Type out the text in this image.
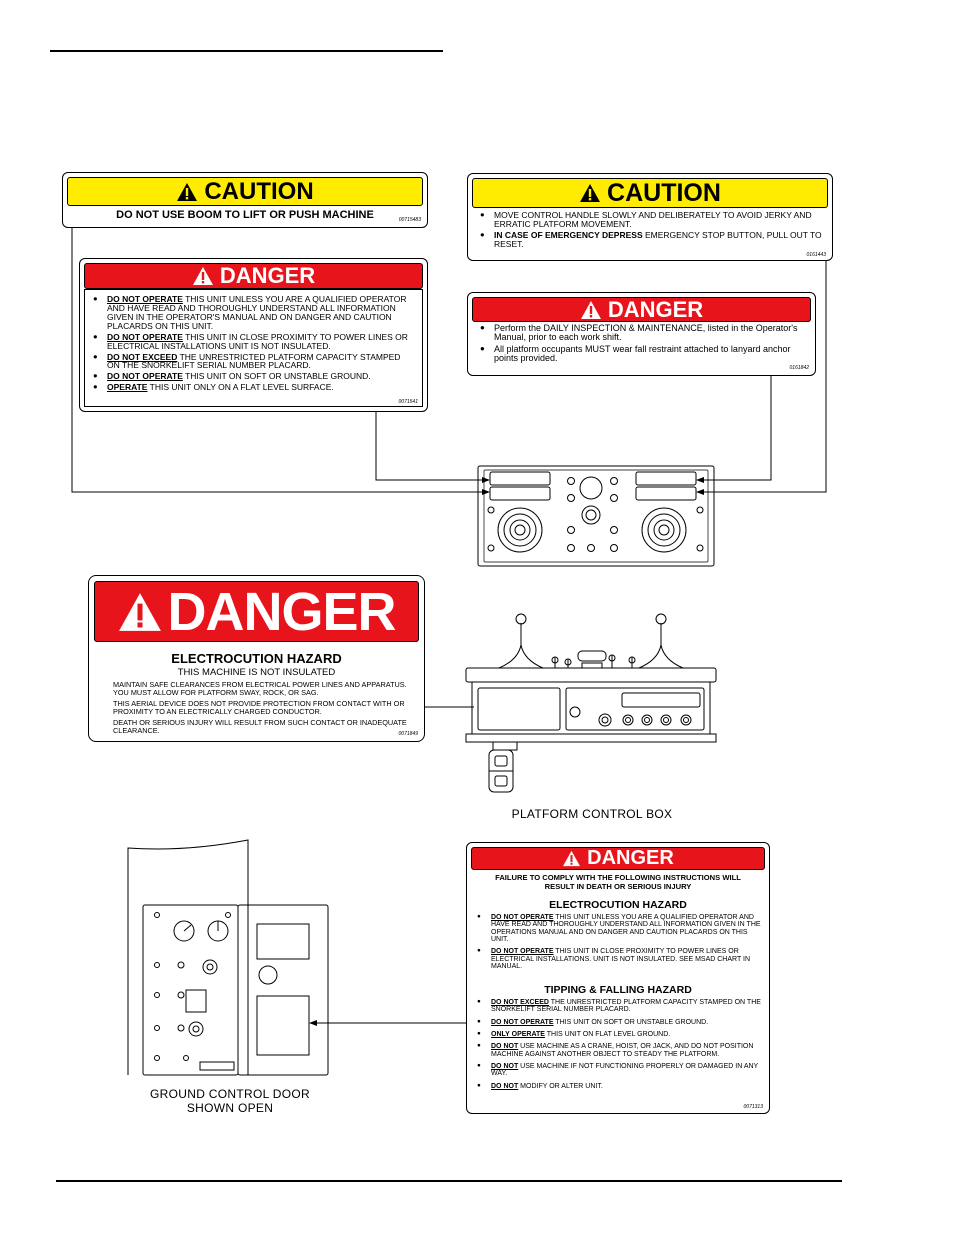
CAUTION
DO NOT USE BOOM TO LIFT OR PUSH MACHINE	00715483
CAUTION
● MOVE CONTROL HANDLE SLOWLY AND DELIBERATELY TO AVOID JERKY AND ERRATIC PLATFORM MOVEMENT.
● IN CASE OF EMERGENCY DEPRESS EMERGENCY STOP BUTTON, PULL OUT TO RESET.
0161443
DANGER
● DO NOT OPERATE THIS UNIT UNLESS YOU ARE A QUALIFIED OPERATOR AND HAVE READ AND THOROUGHLY UNDERSTAND ALL INFORMATION GIVEN IN THE OPERATOR'S MANUAL AND ON DANGER AND CAUTION PLACARDS ON THIS UNIT.
● DO NOT OPERATE THIS UNIT IN CLOSE PROXIMITY TO POWER LINES OR ELECTRICAL INSTALLATIONS UNIT IS NOT INSULATED.
● DO NOT EXCEED THE UNRESTRICTED PLATFORM CAPACITY STAMPED ON THE SNORKELIFT SERIAL NUMBER PLACARD.
● DO NOT OPERATE THIS UNIT ON SOFT OR UNSTABLE GROUND.
● OPERATE THIS UNIT ONLY ON A FLAT LEVEL SURFACE.
0071541
DANGER
● Perform the DAILY INSPECTION & MAINTENANCE, listed in the Operator's Manual, prior to each work shift.
● All platform occupants MUST wear fall restraint attached to lanyard anchor points provided.
0161842
DANGER
ELECTROCUTION HAZARD
THIS MACHINE IS NOT INSULATED
MAINTAIN SAFE CLEARANCES FROM ELECTRICAL POWER LINES AND APPARATUS. YOU MUST ALLOW FOR PLATFORM SWAY, ROCK, OR SAG.
THIS AERIAL DEVICE DOES NOT PROVIDE PROTECTION FROM CONTACT WITH OR PROXIMITY TO AN ELECTRICALLY CHARGED CONDUCTOR.
DEATH OR SERIOUS INJURY WILL RESULT FROM SUCH CONTACT OR INADEQUATE CLEARANCE.	0071849
PLATFORM CONTROL BOX
GROUND CONTROL DOOR
SHOWN OPEN
DANGER
FAILURE TO COMPLY WITH THE FOLLOWING INSTRUCTIONS WILL RESULT IN DEATH OR SERIOUS INJURY
ELECTROCUTION HAZARD
● DO NOT OPERATE THIS UNIT UNLESS YOU ARE A QUALIFIED OPERATOR AND HAVE READ AND THOROUGHLY UNDERSTAND ALL INFORMATION GIVEN IN THE OPERATIONS MANUAL AND ON DANGER AND CAUTION PLACARDS ON THIS UNIT.
● DO NOT OPERATE THIS UNIT IN CLOSE PROXIMITY TO POWER LINES OR ELECTRICAL INSTALLATIONS. UNIT IS NOT INSULATED. SEE MSAD CHART IN MANUAL.
TIPPING & FALLING HAZARD
● DO NOT EXCEED THE UNRESTRICTED PLATFORM CAPACITY STAMPED ON THE SNORKELIFT SERIAL NUMBER PLACARD.
● DO NOT OPERATE THIS UNIT ON SOFT OR UNSTABLE GROUND.
● ONLY OPERATE THIS UNIT ON FLAT LEVEL GROUND.
● DO NOT USE MACHINE AS A CRANE, HOIST, OR JACK, AND DO NOT POSITION MACHINE AGAINST ANOTHER OBJECT TO STEADY THE PLATFORM.
● DO NOT USE MACHINE IF NOT FUNCTIONING PROPERLY OR DAMAGED IN ANY WAY.
● DO NOT MODIFY OR ALTER UNIT.
0071313
